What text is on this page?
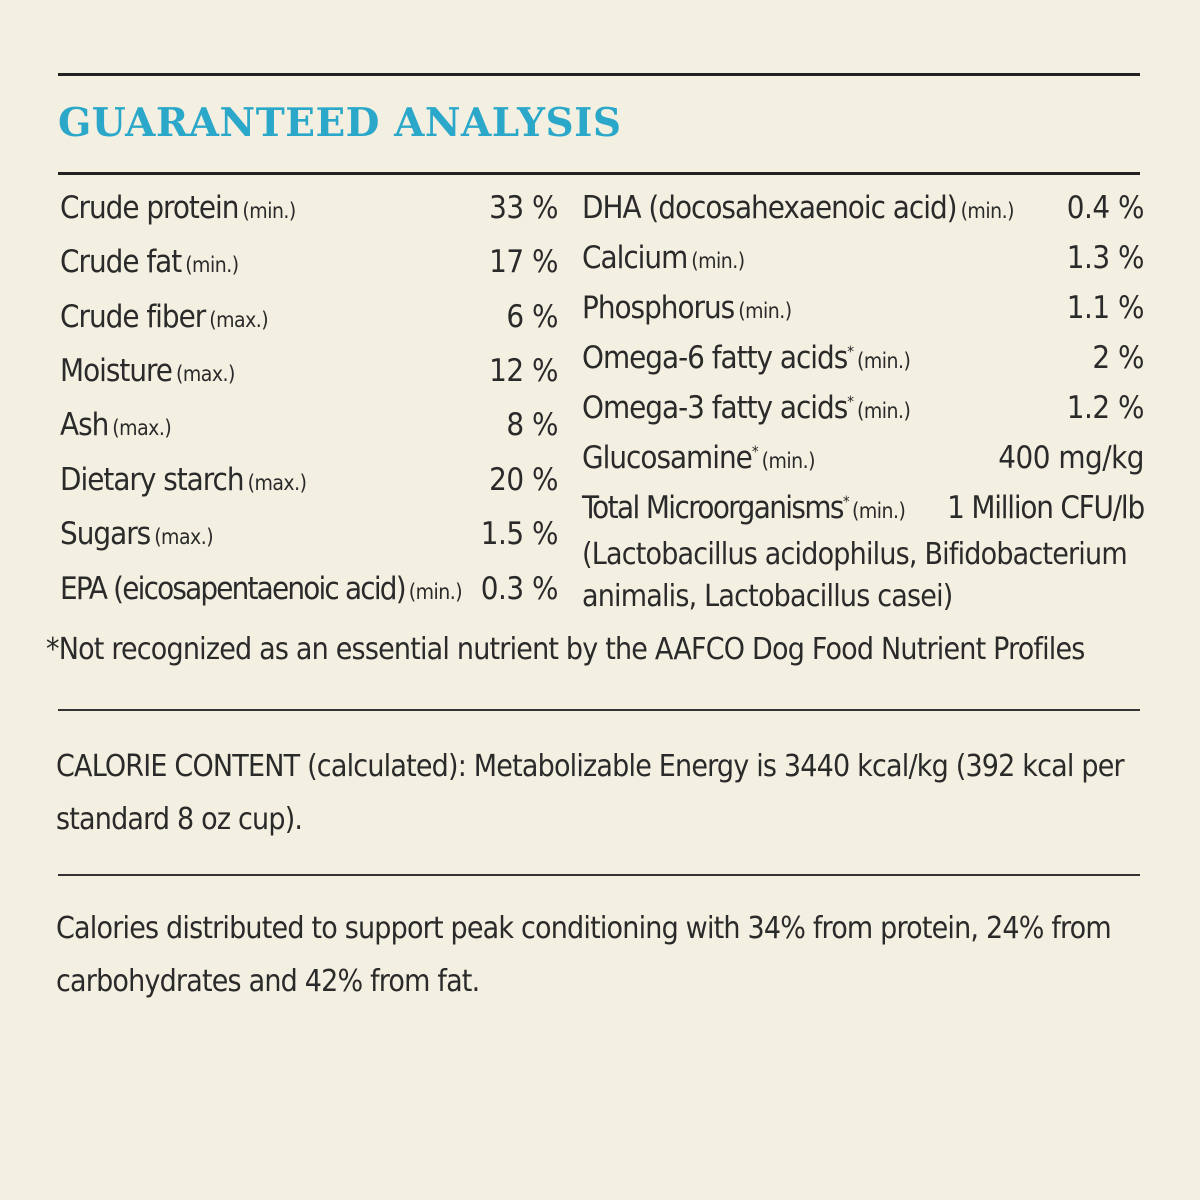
GUARANTEED ANALYSIS
Crude protein (min.)	33 %
Crude fat (min.)	17 %
Crude fiber (max.)	6 %
Moisture (max.)	12 %
Ash (max.)	8 %
Dietary starch (max.)	20 %
Sugars (max.)	1.5 %
EPA (eicosapentaenoic acid) (min.) 0.3 %
DHA (docosahexaenoic acid) (min.) 0.4 %
Calcium (min.)	1.3 %
Phosphorus (min.)	1.1 %
Omega-6 fatty acids* (min.)	2 %
Omega-3 fatty acids* (min.)	1.2 %
Glucosamine* (min.)	400 mg/kg
Total Microorganisms* (min.) 1 Million CFU/lb
(Lactobacillus acidophilus, Bifidobacterium animalis, Lactobacillus casei)
*Not recognized as an essential nutrient by the AAFCO Dog Food Nutrient Profiles
CALORIE CONTENT (calculated): Metabolizable Energy is 3440 kcal/kg (392 kcal per standard 8 oz cup).
Calories distributed to support peak conditioning with 34% from protein, 24% from carbohydrates and 42% from fat.
